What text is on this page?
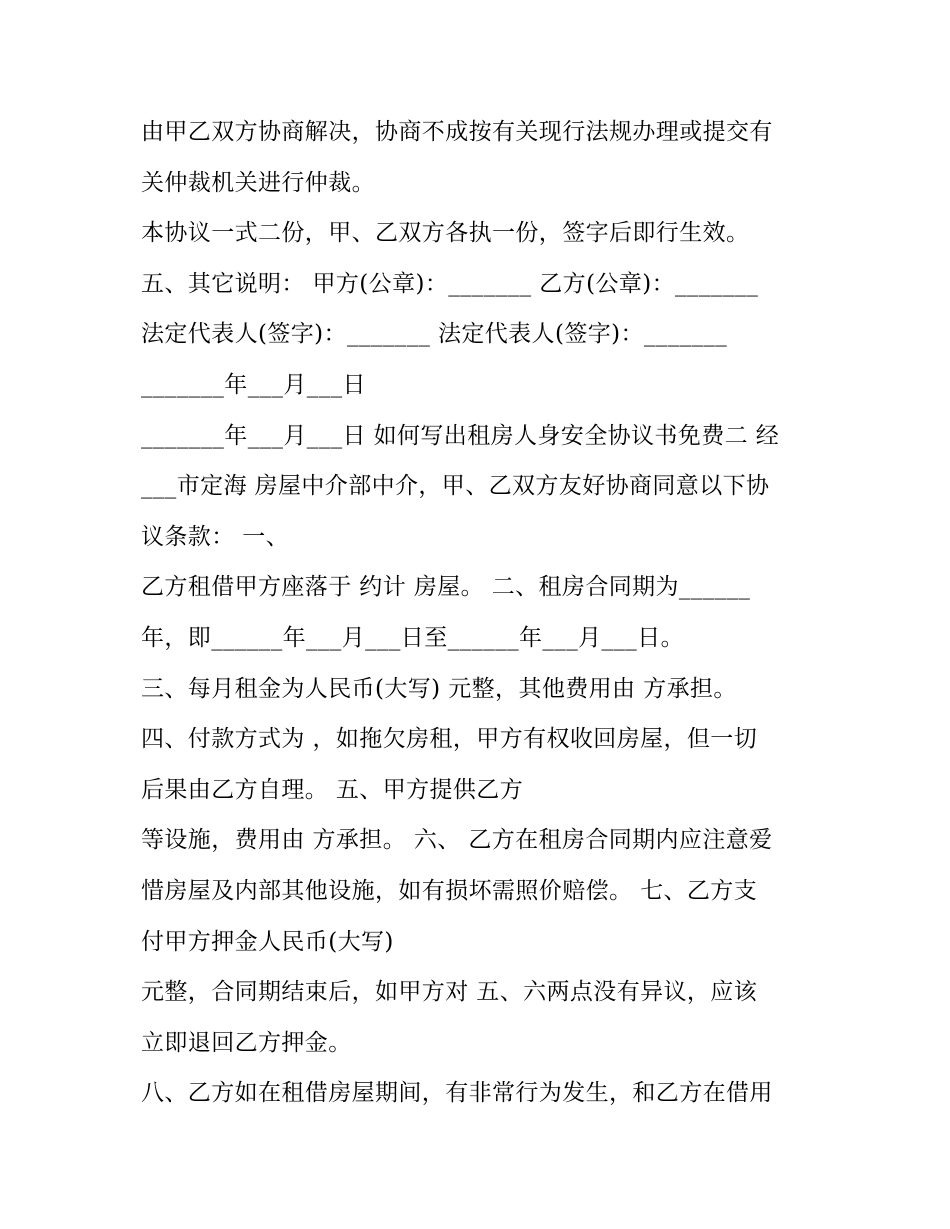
由甲乙双方协商解决，协商不成按有关现行法规办理或提交有
关仲裁机关进行仲裁。
本协议一式二份，甲、乙双方各执一份，签字后即行生效。
五、其它说明： 甲方(公章)：_______ 乙方(公章)：_______
法定代表人(签字)：_______ 法定代表人(签字)：_______
_______年___月___日
_______年___月___日 如何写出租房人身安全协议书免费二 经
___市定海 房屋中介部中介，甲、乙双方友好协商同意以下协
议条款： 一、
乙方租借甲方座落于 约计 房屋。 二、租房合同期为______
年，即______年___月___日至______年___月___日。
三、每月租金为人民币(大写) 元整，其他费用由 方承担。
四、付款方式为 ，如拖欠房租，甲方有权收回房屋，但一切
后果由乙方自理。 五、甲方提供乙方
等设施，费用由 方承担。 六、 乙方在租房合同期内应注意爱
惜房屋及内部其他设施，如有损坏需照价赔偿。 七、乙方支
付甲方押金人民币(大写)
元整，合同期结束后，如甲方对 五、六两点没有异议，应该
立即退回乙方押金。
八、乙方如在租借房屋期间，有非常行为发生，和乙方在借用
